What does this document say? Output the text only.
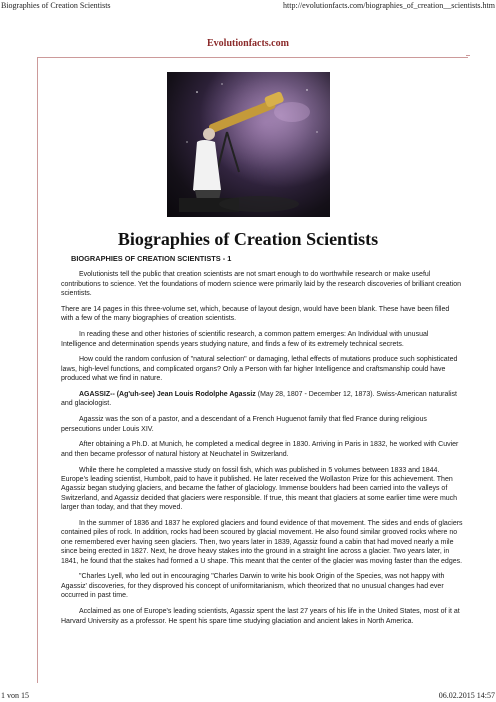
Biographies of Creation Scientists	http://evolutionfacts.com/biographies_of_creation__scientists.htm
Evolutionfacts.com
Biographies of Creation Scientists
BIOGRAPHIES OF CREATION SCIENTISTS - 1

Evolutionists tell the public that creation scientists are not smart enough to do worthwhile research or make useful contributions to science. Yet the foundations of modern science were primarily laid by the research discoveries of brilliant creation scientists.

There are 14 pages in this three-volume set, which, because of layout design, would have been blank. These have been filled with a few of the many biographies of creation scientists.

In reading these and other histories of scientific research, a common pattern emerges: An Individual with unusual Intelligence and determination spends years studying nature, and finds a few of its extremely technical secrets.

How could the random confusion of "natural selection" or damaging, lethal effects of mutations produce such sophisticated laws, high-level functions, and complicated organs? Only a Person with far higher Intelligence and craftsmanship could have produced what we find in nature.

AGASSIZ-- (Ag'uh-see) Jean Louis Rodolphe Agassiz (May 28, 1807 - December 12, 1873). Swiss-American naturalist and glaciologist.

Agassiz was the son of a pastor, and a descendant of a French Huguenot family that fled France during religious persecutions under Louis XIV.

After obtaining a Ph.D. at Munich, he completed a medical degree in 1830. Arriving in Paris in 1832, he worked with Cuvier and then became professor of natural history at Neuchatel in Switzerland.

While there he completed a massive study on fossil fish, which was published in 5 volumes between 1833 and 1844. Europe's leading scientist, Humbolt, paid to have it published. He later received the Wollaston Prize for this achievement. Then Agassiz began studying glaciers, and became the father of glaciology. Immense boulders had been carried into the valleys of Switzerland, and Agassiz decided that glaciers were responsible. If true, this meant that glaciers at some earlier time were much larger than today, and that they moved.

In the summer of 1836 and 1837 he explored glaciers and found evidence of that movement. The sides and ends of glaciers contained piles of rock. In addition, rocks had been scoured by glacial movement. He also found similar grooved rocks where no one remembered ever having seen glaciers. Then, two years later in 1839, Agassiz found a cabin that had moved nearly a mile since being erected in 1827. Next, he drove heavy stakes into the ground in a straight line across a glacier. Two years later, in 1841, he found that the stakes had formed a U shape. This meant that the center of the glacier was moving faster than the edges.

"Charles Lyell, who led out in encouraging "Charles Darwin to write his book Origin of the Species, was not happy with Agassiz' discoveries, for they disproved his concept of uniformitarianism, which theorized that no unusual changes had ever occurred in past time.

Acclaimed as one of Europe's leading scientists, Agassiz spent the last 27 years of his life in the United States, most of it at Harvard University as a professor. He spent his spare time studying glaciation and ancient lakes in North America.

1 von 15	06.02.2015 14:57
